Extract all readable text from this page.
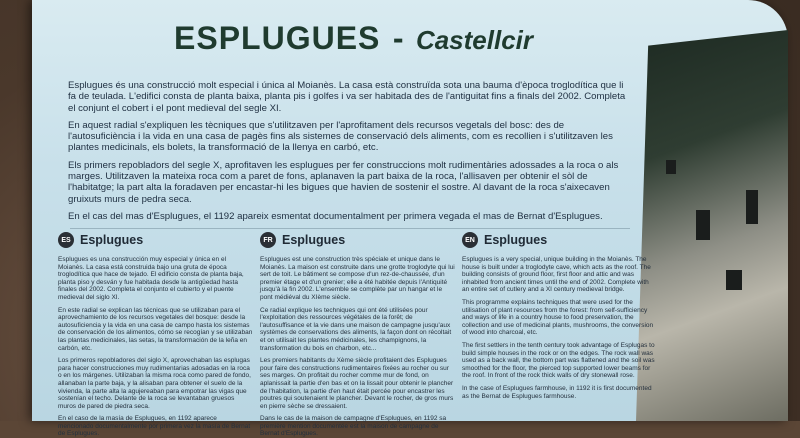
ESPLUGUES - Castellcir

Esplugues és una construcció molt especial i única al Moianès. La casa està construïda sota una bauma d'època troglodítica que li fa de teulada. L'edifici consta de planta baixa, planta pis i golfes i va ser habitada des de l'antiguitat fins a finals del 2002. Completa el conjunt el cobert i el pont medieval del segle XI.

En aquest radial s'expliquen les tècniques que s'utilitzaven per l'aprofitament dels recursos vegetals del bosc: des de l'autosuficiència i la vida en una casa de pagès fins als sistemes de conservació dels aliments, com es recollien i s'utilitzaven les plantes medicinals, els bolets, la transformació de la llenya en carbó, etc.

Els primers repobladors del segle X, aprofitaven les esplugues per fer construccions molt rudimentàries adossades a la roca o als marges. Utilitzaven la mateixa roca com a paret de fons, aplanaven la part baixa de la roca, l'allisaven per obtenir el sòl de l'habitatge; la part alta la foradaven per encastar-hi les bigues que havien de sostenir el sostre. Al davant de la roca s'aixecaven gruixuts murs de pedra seca.

En el cas del mas d'Esplugues, el 1192 apareix esmentat documentalment per primera vegada el mas de Bernat d'Esplugues.

ES Esplugues

Esplugues es una construcción muy especial y única en el Moianès. La casa está construida bajo una gruta de época troglodítica que hace de tejado. El edificio consta de planta baja, planta piso y desván y fue habitada desde la antigüedad hasta finales del 2002. Completa el conjunto el cubierto y el puente medieval del siglo XI.

En este radial se explican las técnicas que se utilizaban para el aprovechamiento de los recursos vegetales del bosque: desde la autosuficiencia y la vida en una casa de campo hasta los sistemas de conservación de los alimentos, cómo se recogían y se utilizaban las plantas medicinales, las setas, la transformación de la leña en carbón, etc.

Los primeros repobladores del siglo X, aprovechaban las esplugas para hacer construcciones muy rudimentarias adosadas en la roca o en los márgenes. Utilizaban la misma roca como pared de fondo, allanaban la parte baja, y la alisaban para obtener el suelo de la vivienda, la parte alta la agujereaban para empotrar las vigas que sostenían el techo. Delante de la roca se levantaban gruesos muros de pared de piedra seca.

En el caso de la masía de Esplugues, en 1192 aparece mencionado documentalmente por primera vez la masía de Bernat de Esplugues.

FR Esplugues

Esplugues est une construction très spéciale et unique dans le Moianès. La maison est construite dans une grotte troglodyte qui lui sert de toit. Le bâtiment se compose d'un rez-de-chaussée, d'un premier étage et d'un grenier; elle a été habitée depuis l'Antiquité jusqu'à la fin 2002. L'ensemble se complète par un hangar et le pont médiéval du XIème siècle.

Ce radial explique les techniques qui ont été utilisées pour l'exploitation des ressources végétales de la forêt; de l'autosuffisance et la vie dans une maison de campagne jusqu'aux systèmes de conservations des aliments, la façon dont on récoltait et on utilisait les plantes médicinales, les champignons, la transformation du bois en charbon, etc...

Les premiers habitants du Xème siècle profitaient des Esplugues pour faire des constructions rudimentaires fixées au rocher ou sur ses marges. On profitait du rocher comme mur de fond, on aplanissait la partie d'en bas et on la lissait pour obtenir le plancher de l'habitation, la partie d'en haut était percée pour encastrer les poutres qui soutenaient le plancher. Devant le rocher, de gros murs en pierre sèche se dressaient.

Dans le cas de la maison de campagne d'Esplugues, en 1192 sa première mention documentée est la maison de campagne de Bernat d'Esplugues.

EN Esplugues

Esplugues is a very special, unique building in the Moianès. The house is built under a troglodyte cave, which acts as the roof. The building consists of ground floor, first floor and attic and was inhabited from ancient times until the end of 2002. Complete with an entire set of cutlery and a XI century medieval bridge.

This programme explains techniques that were used for the utilisation of plant resources from the forest: from self-sufficiency and ways of life in a country house to food preservation, the collection and use of medicinal plants, mushrooms, the conversion of wood into charcoal, etc.

The first settlers in the tenth century took advantage of Esplugas to build simple houses in the rock or on the edges. The rock wall was used as a back wall, the bottom part was flattened and the soil was smoothed for the floor, the pierced top supported lower beams for the roof. In front of the rock thick walls of dry stonewall rose.

In the case of Esplugues farmhouse, in 1192 it is first documented as the Bernat de Esplugues farmhouse.
